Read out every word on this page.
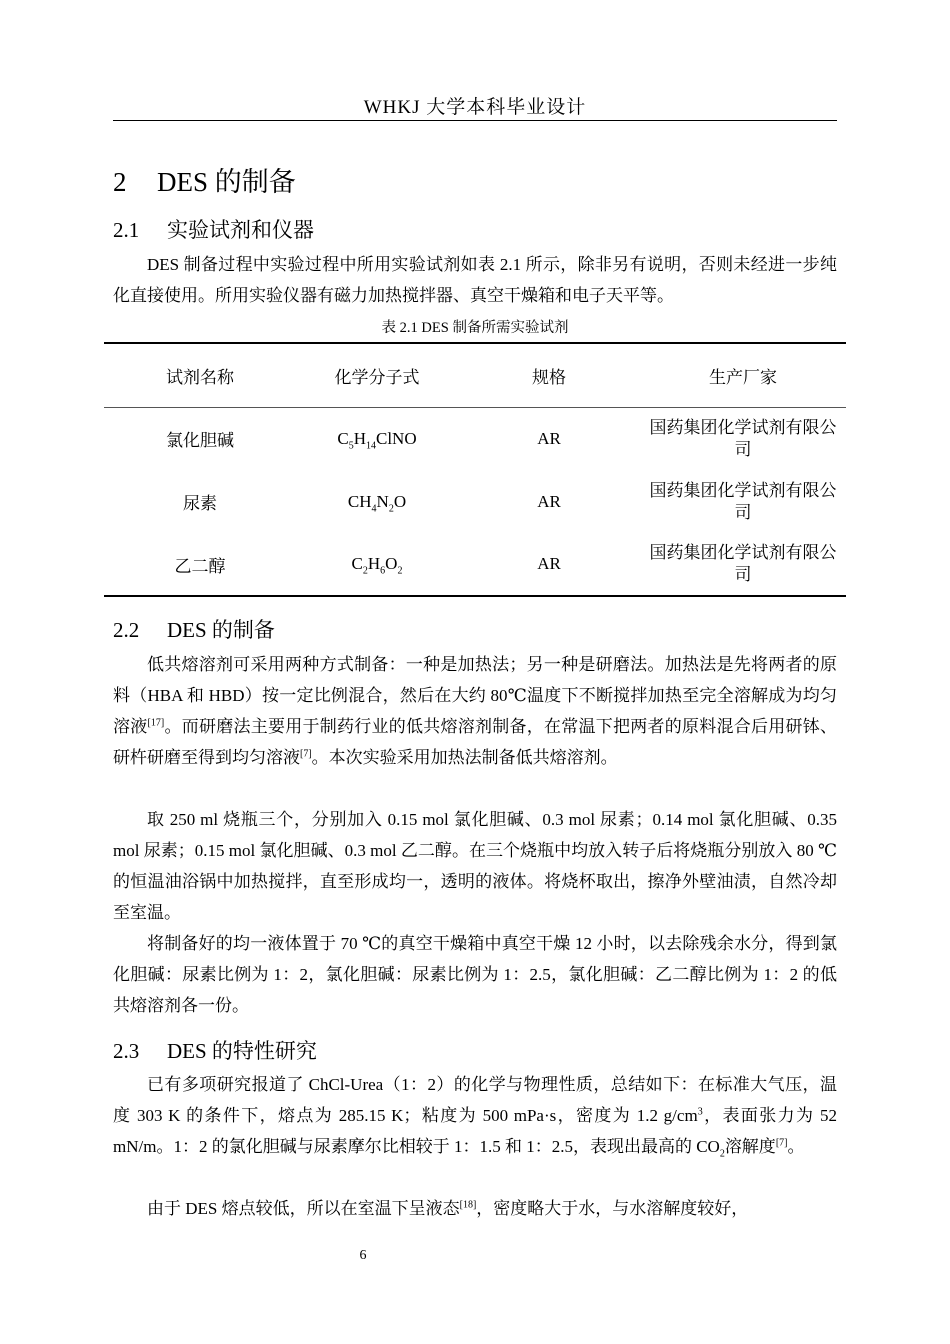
WHKJ 大学本科毕业设计
2 DES 的制备
2.1 实验试剂和仪器

DES 制备过程中实验过程中所用实验试剂如表 2.1 所示，除非另有说明，否则未经进一步纯化直接使用。所用实验仪器有磁力加热搅拌器、真空干燥箱和电子天平等。

表 2.1 DES 制备所需实验试剂
试剂名称	化学分子式	规格	生产厂家
氯化胆碱	$C_5H_{14}ClNO$	AR	国药集团化学试剂有限公司
尿素	$CH_4N_2O$	AR	国药集团化学试剂有限公司
乙二醇	$C_2H_6O_2$	AR	国药集团化学试剂有限公司
2.2 DES 的制备

低共熔溶剂可采用两种方式制备：一种是加热法；另一种是研磨法。加热法是先将两者的原料（HBA 和 HBD）按一定比例混合，然后在大约 80℃温度下不断搅拌加热至完全溶解成为均匀溶液[17]。而研磨法主要用于制药行业的低共熔溶剂制备，在常温下把两者的原料混合后用研钵、研杵研磨至得到均匀溶液[7]。本次实验采用加热法制备低共熔溶剂。

取 250 ml 烧瓶三个，分别加入 0.15 mol 氯化胆碱、0.3 mol 尿素；0.14 mol 氯化胆碱、0.35 mol 尿素；0.15 mol 氯化胆碱、0.3 mol 乙二醇。在三个烧瓶中均放入转子后将烧瓶分别放入 80 ℃的恒温油浴锅中加热搅拌，直至形成均一，透明的液体。将烧杯取出，擦净外壁油渍，自然冷却至室温。

将制备好的均一液体置于 70 ℃的真空干燥箱中真空干燥 12 小时，以去除残余水分，得到氯化胆碱：尿素比例为 1：2，氯化胆碱：尿素比例为 1：2.5，氯化胆碱：乙二醇比例为 1：2 的低共熔溶剂各一份。

2.3 DES 的特性研究

已有多项研究报道了 ChCl-Urea（1：2）的化学与物理性质，总结如下：在标准大气压，温度 303 K 的条件下，熔点为 285.15 K；粘度为 500 mPa·s，密度为 1.2 $g/cm^3$，表面张力为 52 mN/m。1：2 的氯化胆碱与尿素摩尔比相较于 1：1.5 和 1：2.5，表现出最高的 $CO_2$溶解度[7]。

由于 DES 熔点较低，所以在室温下呈液态[18]，密度略大于水，与水溶解度较好，

6
